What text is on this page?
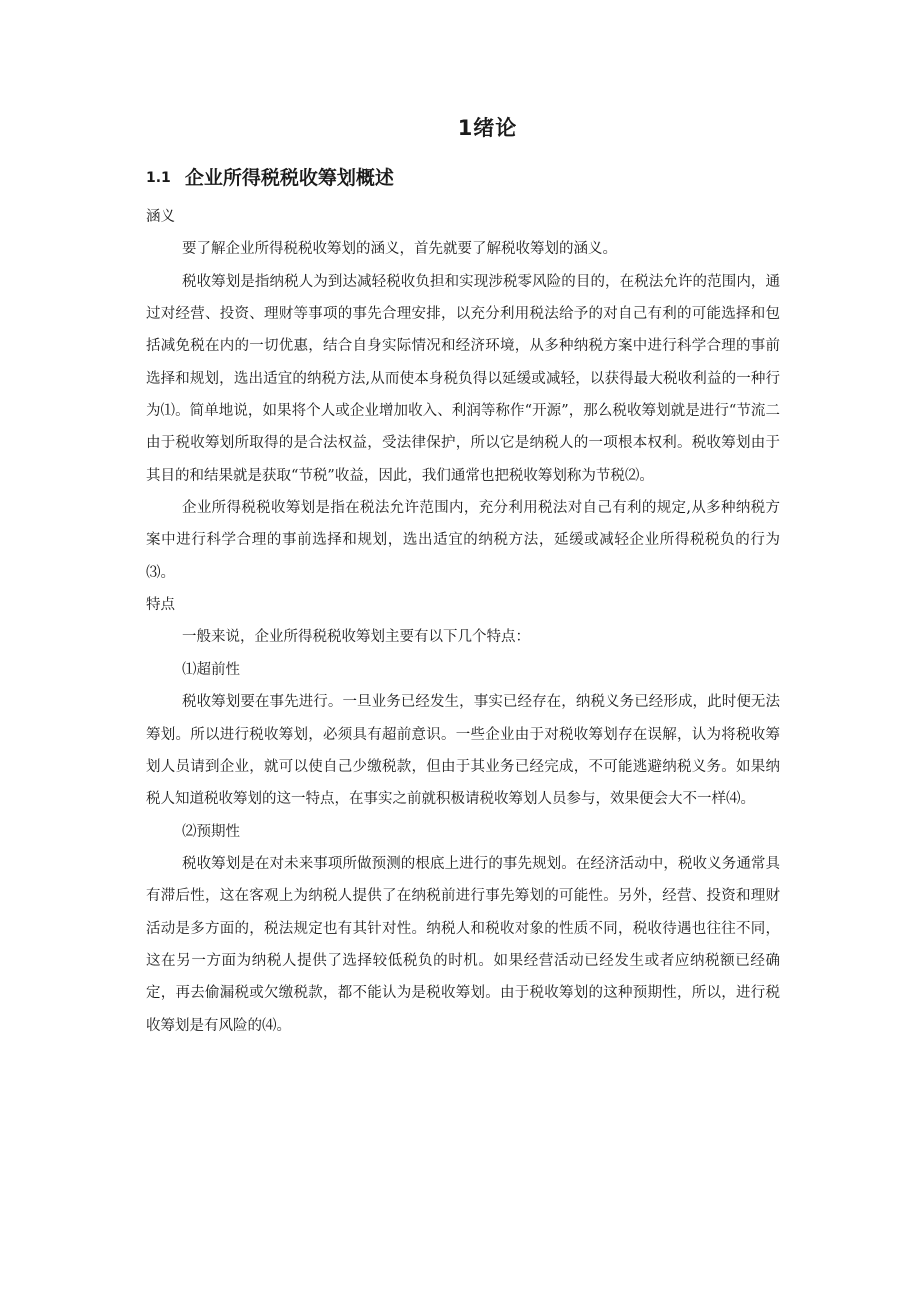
1绪论
1.1 企业所得税税收筹划概述

涵义

要了解企业所得税税收筹划的涵义，首先就要了解税收筹划的涵义。

税收筹划是指纳税人为到达减轻税收负担和实现涉税零风险的目的，在税法允许的范围内，通过对经营、投资、理财等事项的事先合理安排，以充分利用税法给予的对自己有利的可能选择和包括减免税在内的一切优惠，结合自身实际情况和经济环境，从多种纳税方案中进行科学合理的事前选择和规划，选出适宜的纳税方法,从而使本身税负得以延缓或减轻，以获得最大税收利益的一种行为⑴。简单地说，如果将个人或企业增加收入、利润等称作“开源”，那么税收筹划就是进行“节流二由于税收筹划所取得的是合法权益，受法律保护，所以它是纳税人的一项根本权利。税收筹划由于其目的和结果就是获取“节税”收益，因此，我们通常也把税收筹划称为节税⑵。

企业所得税税收筹划是指在税法允许范围内，充分利用税法对自己有利的规定,从多种纳税方案中进行科学合理的事前选择和规划，选出适宜的纳税方法，延缓或减轻企业所得税税负的行为⑶。

特点

一般来说，企业所得税税收筹划主要有以下几个特点：

⑴超前性

税收筹划要在事先进行。一旦业务已经发生，事实已经存在，纳税义务已经形成，此时便无法筹划。所以进行税收筹划，必须具有超前意识。一些企业由于对税收筹划存在误解，认为将税收筹划人员请到企业，就可以使自己少缴税款，但由于其业务已经完成，不可能逃避纳税义务。如果纳税人知道税收筹划的这一特点，在事实之前就积极请税收筹划人员参与，效果便会大不一样⑷。

⑵预期性

税收筹划是在对未来事项所做预测的根底上进行的事先规划。在经济活动中，税收义务通常具有滞后性，这在客观上为纳税人提供了在纳税前进行事先筹划的可能性。另外，经营、投资和理财活动是多方面的，税法规定也有其针对性。纳税人和税收对象的性质不同，税收待遇也往往不同，这在另一方面为纳税人提供了选择较低税负的时机。如果经营活动已经发生或者应纳税额已经确定，再去偷漏税或欠缴税款，都不能认为是税收筹划。由于税收筹划的这种预期性，所以，进行税收筹划是有风险的⑷。
